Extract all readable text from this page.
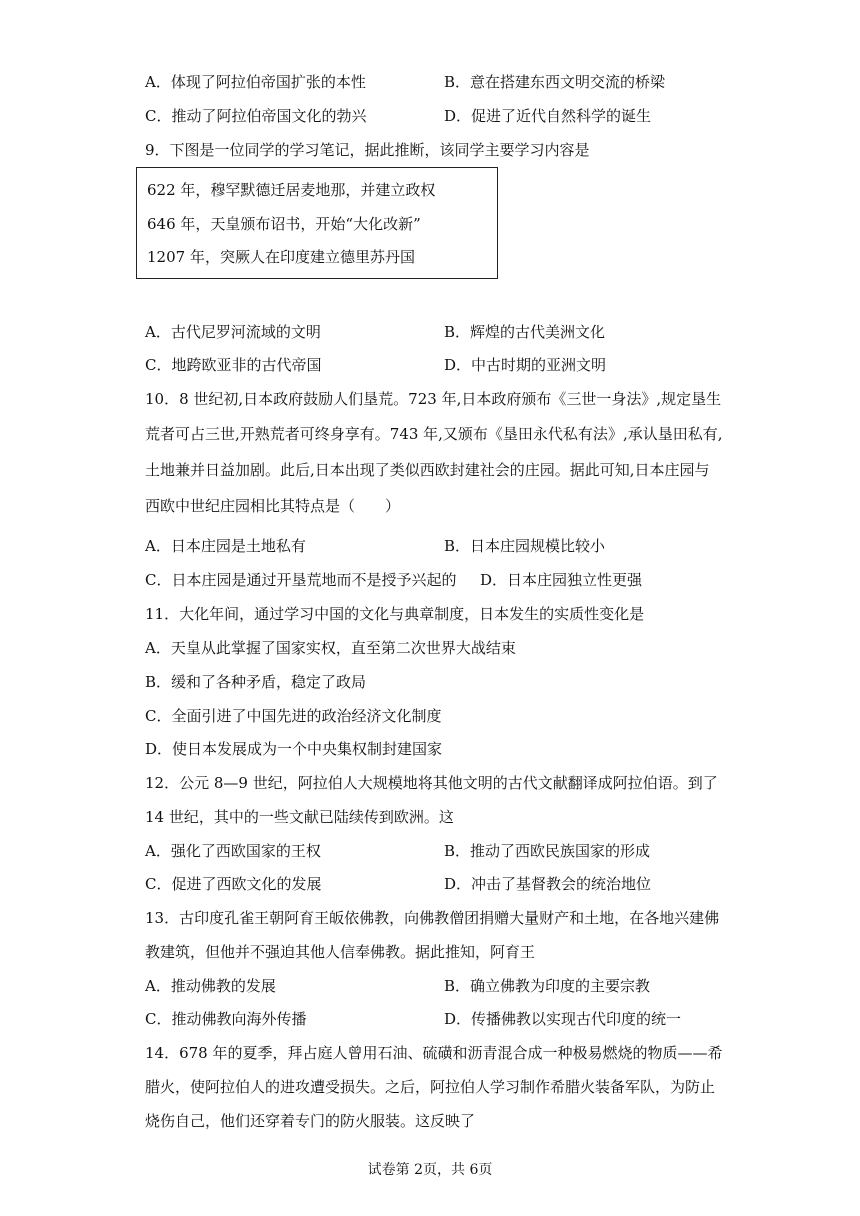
A．体现了阿拉伯帝国扩张的本性	B．意在搭建东西文明交流的桥梁
C．推动了阿拉伯帝国文化的勃兴	D．促进了近代自然科学的诞生
9．下图是一位同学的学习笔记，据此推断，该同学主要学习内容是
622 年，穆罕默德迁居麦地那，并建立政权
646 年，天皇颁布诏书，开始“大化改新”
1207 年，突厥人在印度建立德里苏丹国
A．古代尼罗河流域的文明	B．辉煌的古代美洲文化
C．地跨欧亚非的古代帝国	D．中古时期的亚洲文明
10．8 世纪初,日本政府鼓励人们垦荒。723 年,日本政府颁布《三世一身法》,规定垦生
荒者可占三世,开熟荒者可终身享有。743 年,又颁布《垦田永代私有法》,承认垦田私有,
土地兼并日益加剧。此后,日本出现了类似西欧封建社会的庄园。据此可知,日本庄园与
西欧中世纪庄园相比其特点是（　　）
A．日本庄园是土地私有	B．日本庄园规模比较小
C．日本庄园是通过开垦荒地而不是授予兴起的 D．日本庄园独立性更强
11．大化年间，通过学习中国的文化与典章制度，日本发生的实质性变化是
A．天皇从此掌握了国家实权，直至第二次世界大战结束
B．缓和了各种矛盾，稳定了政局
C．全面引进了中国先进的政治经济文化制度
D．使日本发展成为一个中央集权制封建国家
12．公元 8—9 世纪，阿拉伯人大规模地将其他文明的古代文献翻译成阿拉伯语。到了
14 世纪，其中的一些文献已陆续传到欧洲。这
A．强化了西欧国家的王权	B．推动了西欧民族国家的形成
C．促进了西欧文化的发展	D．冲击了基督教会的统治地位
13．古印度孔雀王朝阿育王皈依佛教，向佛教僧团捐赠大量财产和土地，在各地兴建佛
教建筑，但他并不强迫其他人信奉佛教。据此推知，阿育王
A．推动佛教的发展	B．确立佛教为印度的主要宗教
C．推动佛教向海外传播	D．传播佛教以实现古代印度的统一
14．678 年的夏季，拜占庭人曾用石油、硫磺和沥青混合成一种极易燃烧的物质——希
腊火，使阿拉伯人的进攻遭受损失。之后，阿拉伯人学习制作希腊火装备军队，为防止
烧伤自己，他们还穿着专门的防火服装。这反映了
试卷第 2页，共 6页
